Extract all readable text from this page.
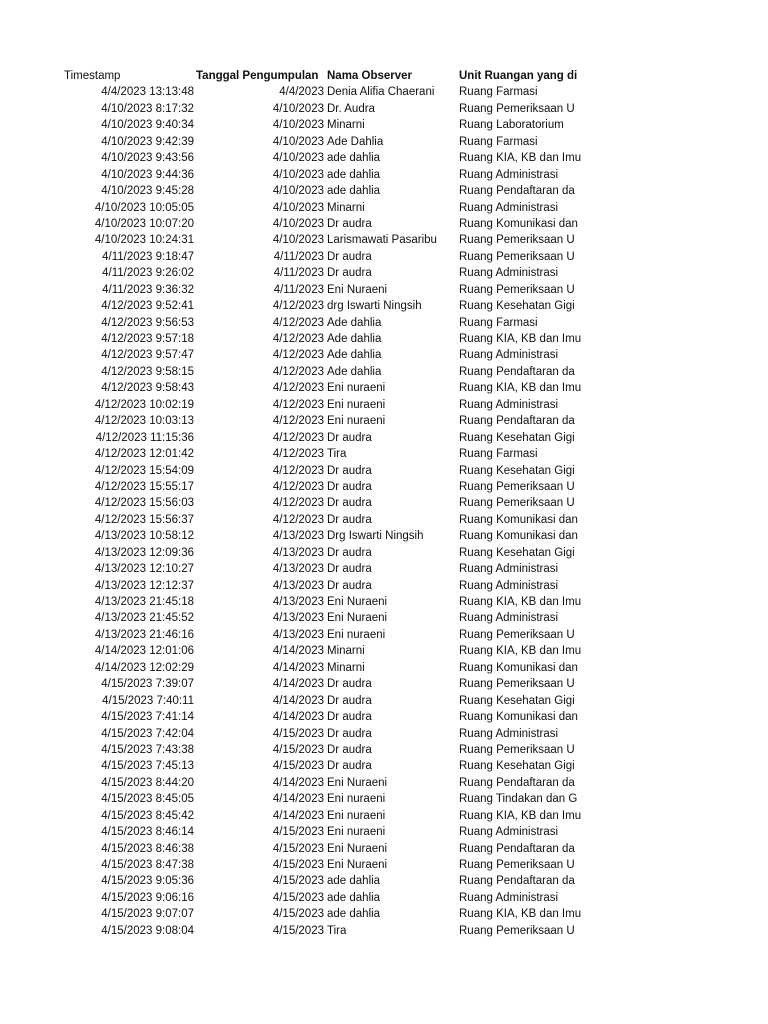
Timestamp	Tanggal Pengumpulan Nama Observer	Unit Ruangan yang di
4/4/2023 13:13:48	4/4/2023 Denia Alifia Chaerani	Ruang Farmasi
4/10/2023 8:17:32	4/10/2023 Dr. Audra	Ruang Pemeriksaan U
4/10/2023 9:40:34	4/10/2023 Minarni	Ruang Laboratorium
4/10/2023 9:42:39	4/10/2023 Ade Dahlia	Ruang Farmasi
4/10/2023 9:43:56	4/10/2023 ade dahlia	Ruang KIA, KB dan Imu
4/10/2023 9:44:36	4/10/2023 ade dahlia	Ruang Administrasi
4/10/2023 9:45:28	4/10/2023 ade dahlia	Ruang Pendaftaran da
4/10/2023 10:05:05	4/10/2023 Minarni	Ruang Administrasi
4/10/2023 10:07:20	4/10/2023 Dr audra	Ruang Komunikasi dan
4/10/2023 10:24:31	4/10/2023 Larismawati Pasaribu	Ruang Pemeriksaan U
4/11/2023 9:18:47	4/11/2023 Dr audra	Ruang Pemeriksaan U
4/11/2023 9:26:02	4/11/2023 Dr audra	Ruang Administrasi
4/11/2023 9:36:32	4/11/2023 Eni Nuraeni	Ruang Pemeriksaan U
4/12/2023 9:52:41	4/12/2023 drg Iswarti Ningsih	Ruang Kesehatan Gigi
4/12/2023 9:56:53	4/12/2023 Ade dahlia	Ruang Farmasi
4/12/2023 9:57:18	4/12/2023 Ade dahlia	Ruang KIA, KB dan Imu
4/12/2023 9:57:47	4/12/2023 Ade dahlia	Ruang Administrasi
4/12/2023 9:58:15	4/12/2023 Ade dahlia	Ruang Pendaftaran da
4/12/2023 9:58:43	4/12/2023 Eni nuraeni	Ruang KIA, KB dan Imu
4/12/2023 10:02:19	4/12/2023 Eni nuraeni	Ruang Administrasi
4/12/2023 10:03:13	4/12/2023 Eni nuraeni	Ruang Pendaftaran da
4/12/2023 11:15:36	4/12/2023 Dr audra	Ruang Kesehatan Gigi
4/12/2023 12:01:42	4/12/2023 Tira	Ruang Farmasi
4/12/2023 15:54:09	4/12/2023 Dr audra	Ruang Kesehatan Gigi
4/12/2023 15:55:17	4/12/2023 Dr audra	Ruang Pemeriksaan U
4/12/2023 15:56:03	4/12/2023 Dr audra	Ruang Pemeriksaan U
4/12/2023 15:56:37	4/12/2023 Dr audra	Ruang Komunikasi dan
4/13/2023 10:58:12	4/13/2023 Drg Iswarti Ningsih	Ruang Komunikasi dan
4/13/2023 12:09:36	4/13/2023 Dr audra	Ruang Kesehatan Gigi
4/13/2023 12:10:27	4/13/2023 Dr audra	Ruang Administrasi
4/13/2023 12:12:37	4/13/2023 Dr audra	Ruang Administrasi
4/13/2023 21:45:18	4/13/2023 Eni Nuraeni	Ruang KIA, KB dan Imu
4/13/2023 21:45:52	4/13/2023 Eni Nuraeni	Ruang Administrasi
4/13/2023 21:46:16	4/13/2023 Eni nuraeni	Ruang Pemeriksaan U
4/14/2023 12:01:06	4/14/2023 Minarni	Ruang KIA, KB dan Imu
4/14/2023 12:02:29	4/14/2023 Minarni	Ruang Komunikasi dan
4/15/2023 7:39:07	4/14/2023 Dr audra	Ruang Pemeriksaan U
4/15/2023 7:40:11	4/14/2023 Dr audra	Ruang Kesehatan Gigi
4/15/2023 7:41:14	4/14/2023 Dr audra	Ruang Komunikasi dan
4/15/2023 7:42:04	4/15/2023 Dr audra	Ruang Administrasi
4/15/2023 7:43:38	4/15/2023 Dr audra	Ruang Pemeriksaan U
4/15/2023 7:45:13	4/15/2023 Dr audra	Ruang Kesehatan Gigi
4/15/2023 8:44:20	4/14/2023 Eni Nuraeni	Ruang Pendaftaran da
4/15/2023 8:45:05	4/14/2023 Eni nuraeni	Ruang Tindakan dan G
4/15/2023 8:45:42	4/14/2023 Eni nuraeni	Ruang KIA, KB dan Imu
4/15/2023 8:46:14	4/15/2023 Eni nuraeni	Ruang Administrasi
4/15/2023 8:46:38	4/15/2023 Eni Nuraeni	Ruang Pendaftaran da
4/15/2023 8:47:38	4/15/2023 Eni Nuraeni	Ruang Pemeriksaan U
4/15/2023 9:05:36	4/15/2023 ade dahlia	Ruang Pendaftaran da
4/15/2023 9:06:16	4/15/2023 ade dahlia	Ruang Administrasi
4/15/2023 9:07:07	4/15/2023 ade dahlia	Ruang KIA, KB dan Imu
4/15/2023 9:08:04	4/15/2023 Tira	Ruang Pemeriksaan U
